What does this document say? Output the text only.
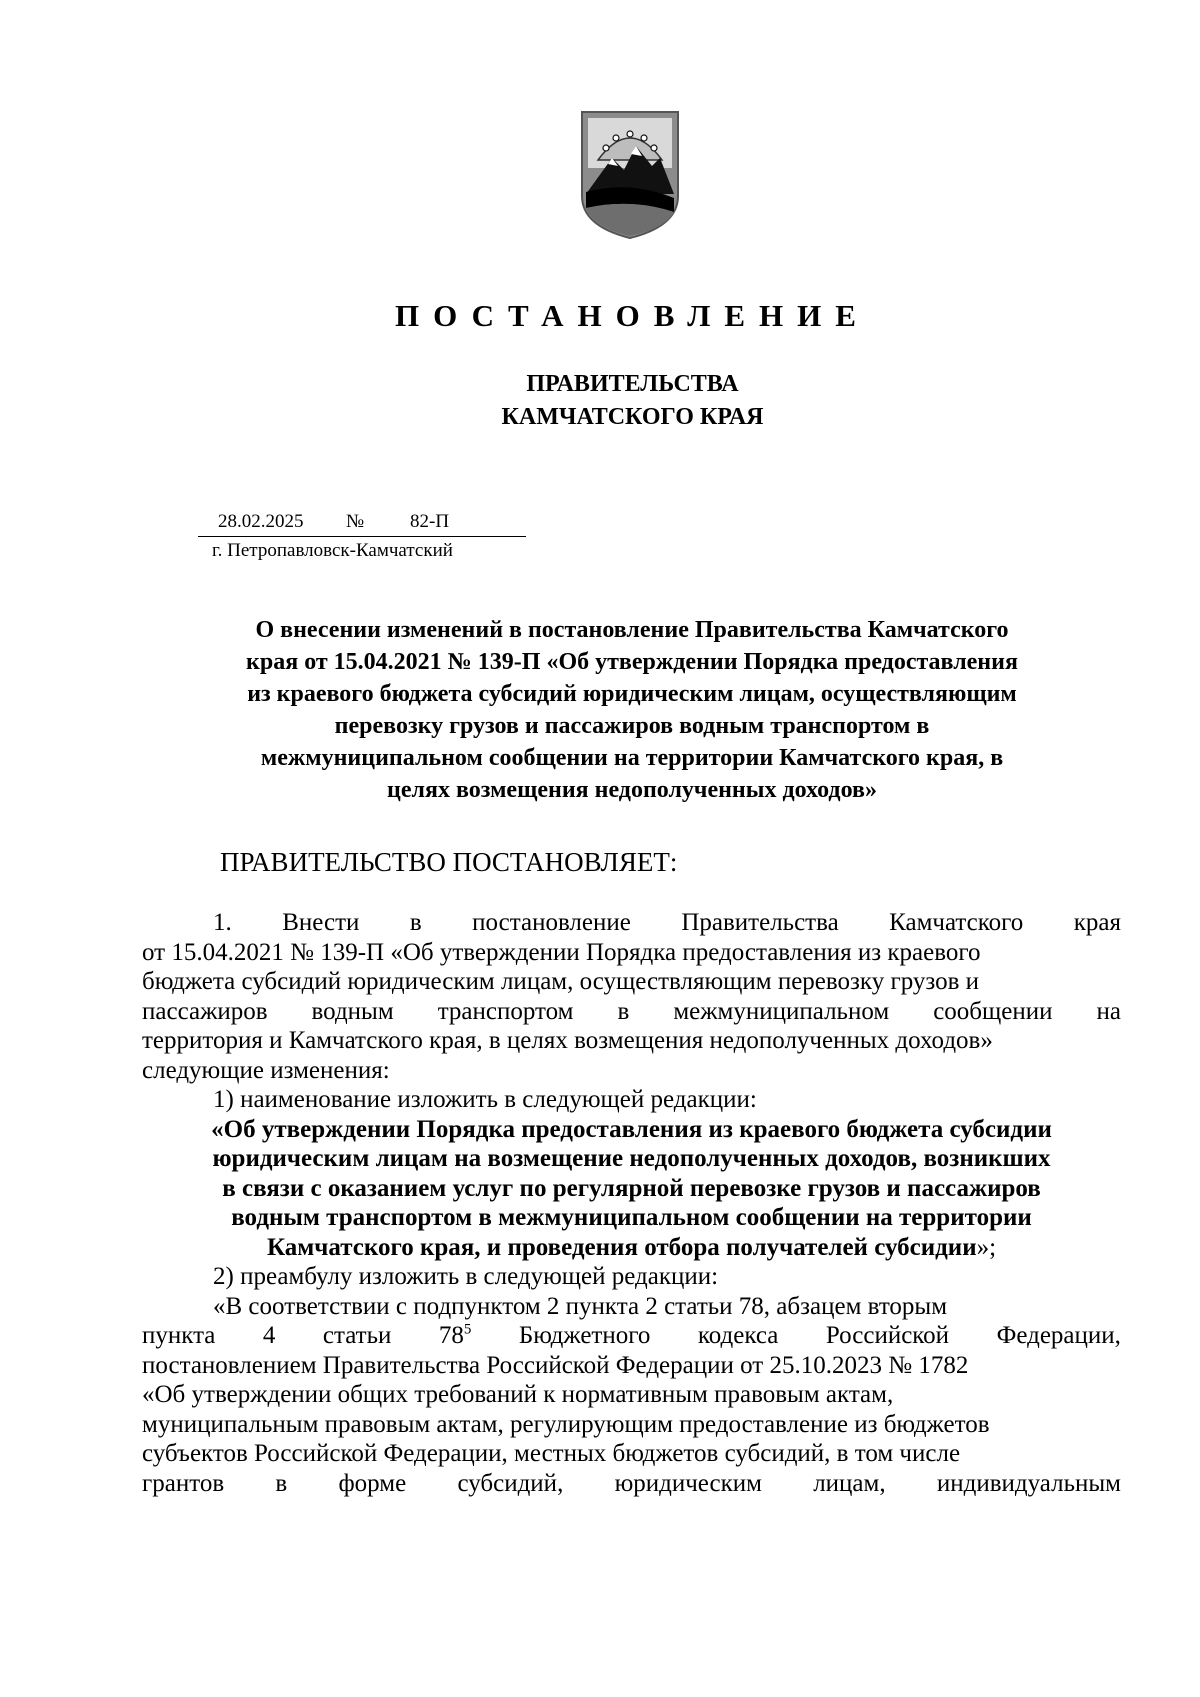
ПОСТАНОВЛЕНИЕ
ПРАВИТЕЛЬСТВА
КАМЧАТСКОГО КРАЯ
28.02.2025 № 82-П
г. Петропавловск-Камчатский
О внесении изменений в постановление Правительства Камчатского
края от 15.04.2021 № 139-П «Об утверждении Порядка предоставления
из краевого бюджета субсидий юридическим лицам, осуществляющим
перевозку грузов и пассажиров водным транспортом в
межмуниципальном сообщении на территории Камчатского края, в
целях возмещения недополученных доходов»
ПРАВИТЕЛЬСТВО ПОСТАНОВЛЯЕТ:
1. Внести в постановление Правительства Камчатского края
от 15.04.2021 № 139-П «Об утверждении Порядка предоставления из краевого
бюджета субсидий юридическим лицам, осуществляющим перевозку грузов и
пассажиров водным транспортом в межмуниципальном сообщении на
территория и Камчатского края, в целях возмещения недополученных доходов»
следующие изменения:
1) наименование изложить в следующей редакции:
«Об утверждении Порядка предоставления из краевого бюджета субсидии
юридическим лицам на возмещение недополученных доходов, возникших
в связи с оказанием услуг по регулярной перевозке грузов и пассажиров
водным транспортом в межмуниципальном сообщении на территории
Камчатского края, и проведения отбора получателей субсидии »;
2) преамбулу изложить в следующей редакции:
«В соответствии с подпунктом 2 пункта 2 статьи 78, абзацем вторым
пункта 4 статьи $78^5$ Бюджетного кодекса Российской Федерации,
постановлением Правительства Российской Федерации от 25.10.2023 № 1782
«Об утверждении общих требований к нормативным правовым актам,
муниципальным правовым актам, регулирующим предоставление из бюджетов
субъектов Российской Федерации, местных бюджетов субсидий, в том числе
грантов в форме субсидий, юридическим лицам, индивидуальным
